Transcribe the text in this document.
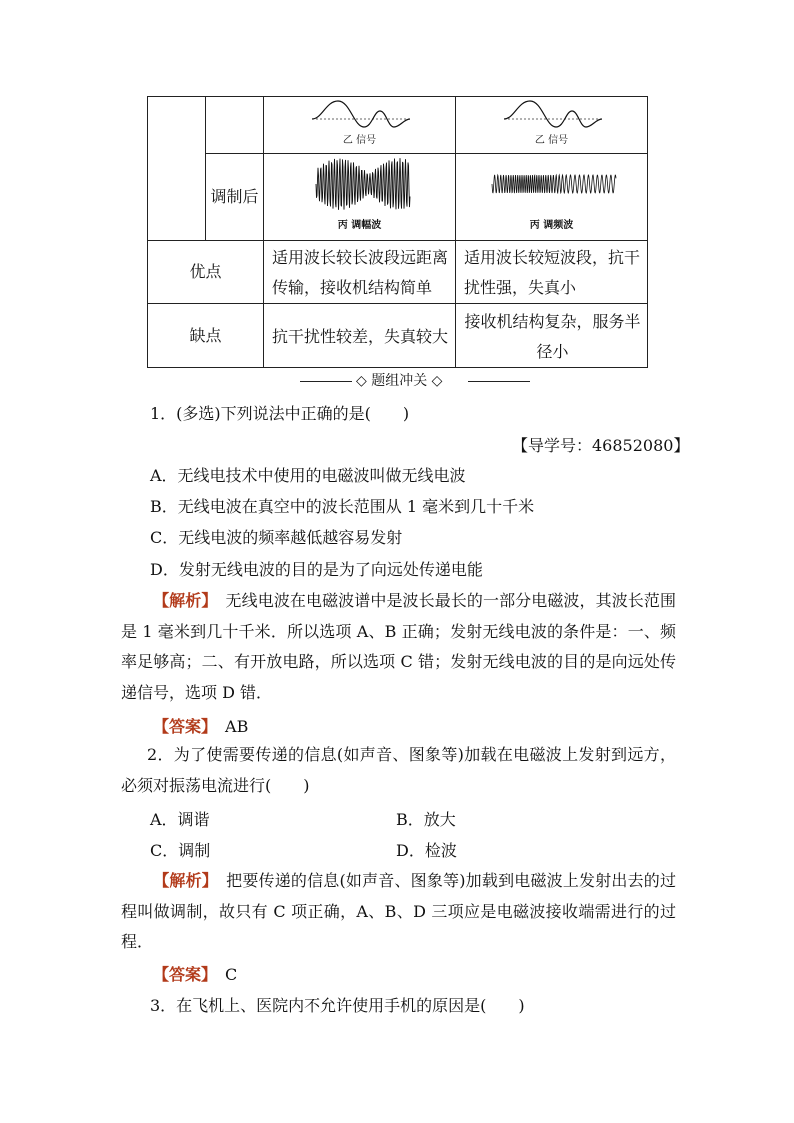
		乙 信号	乙 信号

	调制后	丙 调幅波	丙 调频波

优点		适用波长较长波段远距离传输，接收机结构简单	适用波长较短波段，抗干扰性强，失真小
缺点		抗干扰性较差，失真较大	接收机结构复杂，服务半径小
◇ 题组冲关 ◇
1．(多选)下列说法中正确的是(　　)
【导学号：46852080】
A．无线电技术中使用的电磁波叫做无线电波
B．无线电波在真空中的波长范围从 1 毫米到几十千米
C．无线电波的频率越低越容易发射
D．发射无线电波的目的是为了向远处传递电能
【解析】　 无线电波在电磁波谱中是波长最长的一部分电磁波，其波长范围是 1 毫米到几十千米．所以选项 A、B 正确；发射无线电波的条件是：一、频率足够高；二、有开放电路，所以选项 C 错；发射无线电波的目的是向远处传递信号，选项 D 错．
【答案】　 AB
2．为了使需要传递的信息(如声音、图象等)加载在电磁波上发射到远方，必须对振荡电流进行(　　)
A．调谐	B．放大
C．调制	D．检波
【解析】　 把要传递的信息(如声音、图象等)加载到电磁波上发射出去的过程叫做调制，故只有 C 项正确，A、B、D 三项应是电磁波接收端需进行的过程．
【答案】　 C
3．在飞机上、医院内不允许使用手机的原因是(　　)
